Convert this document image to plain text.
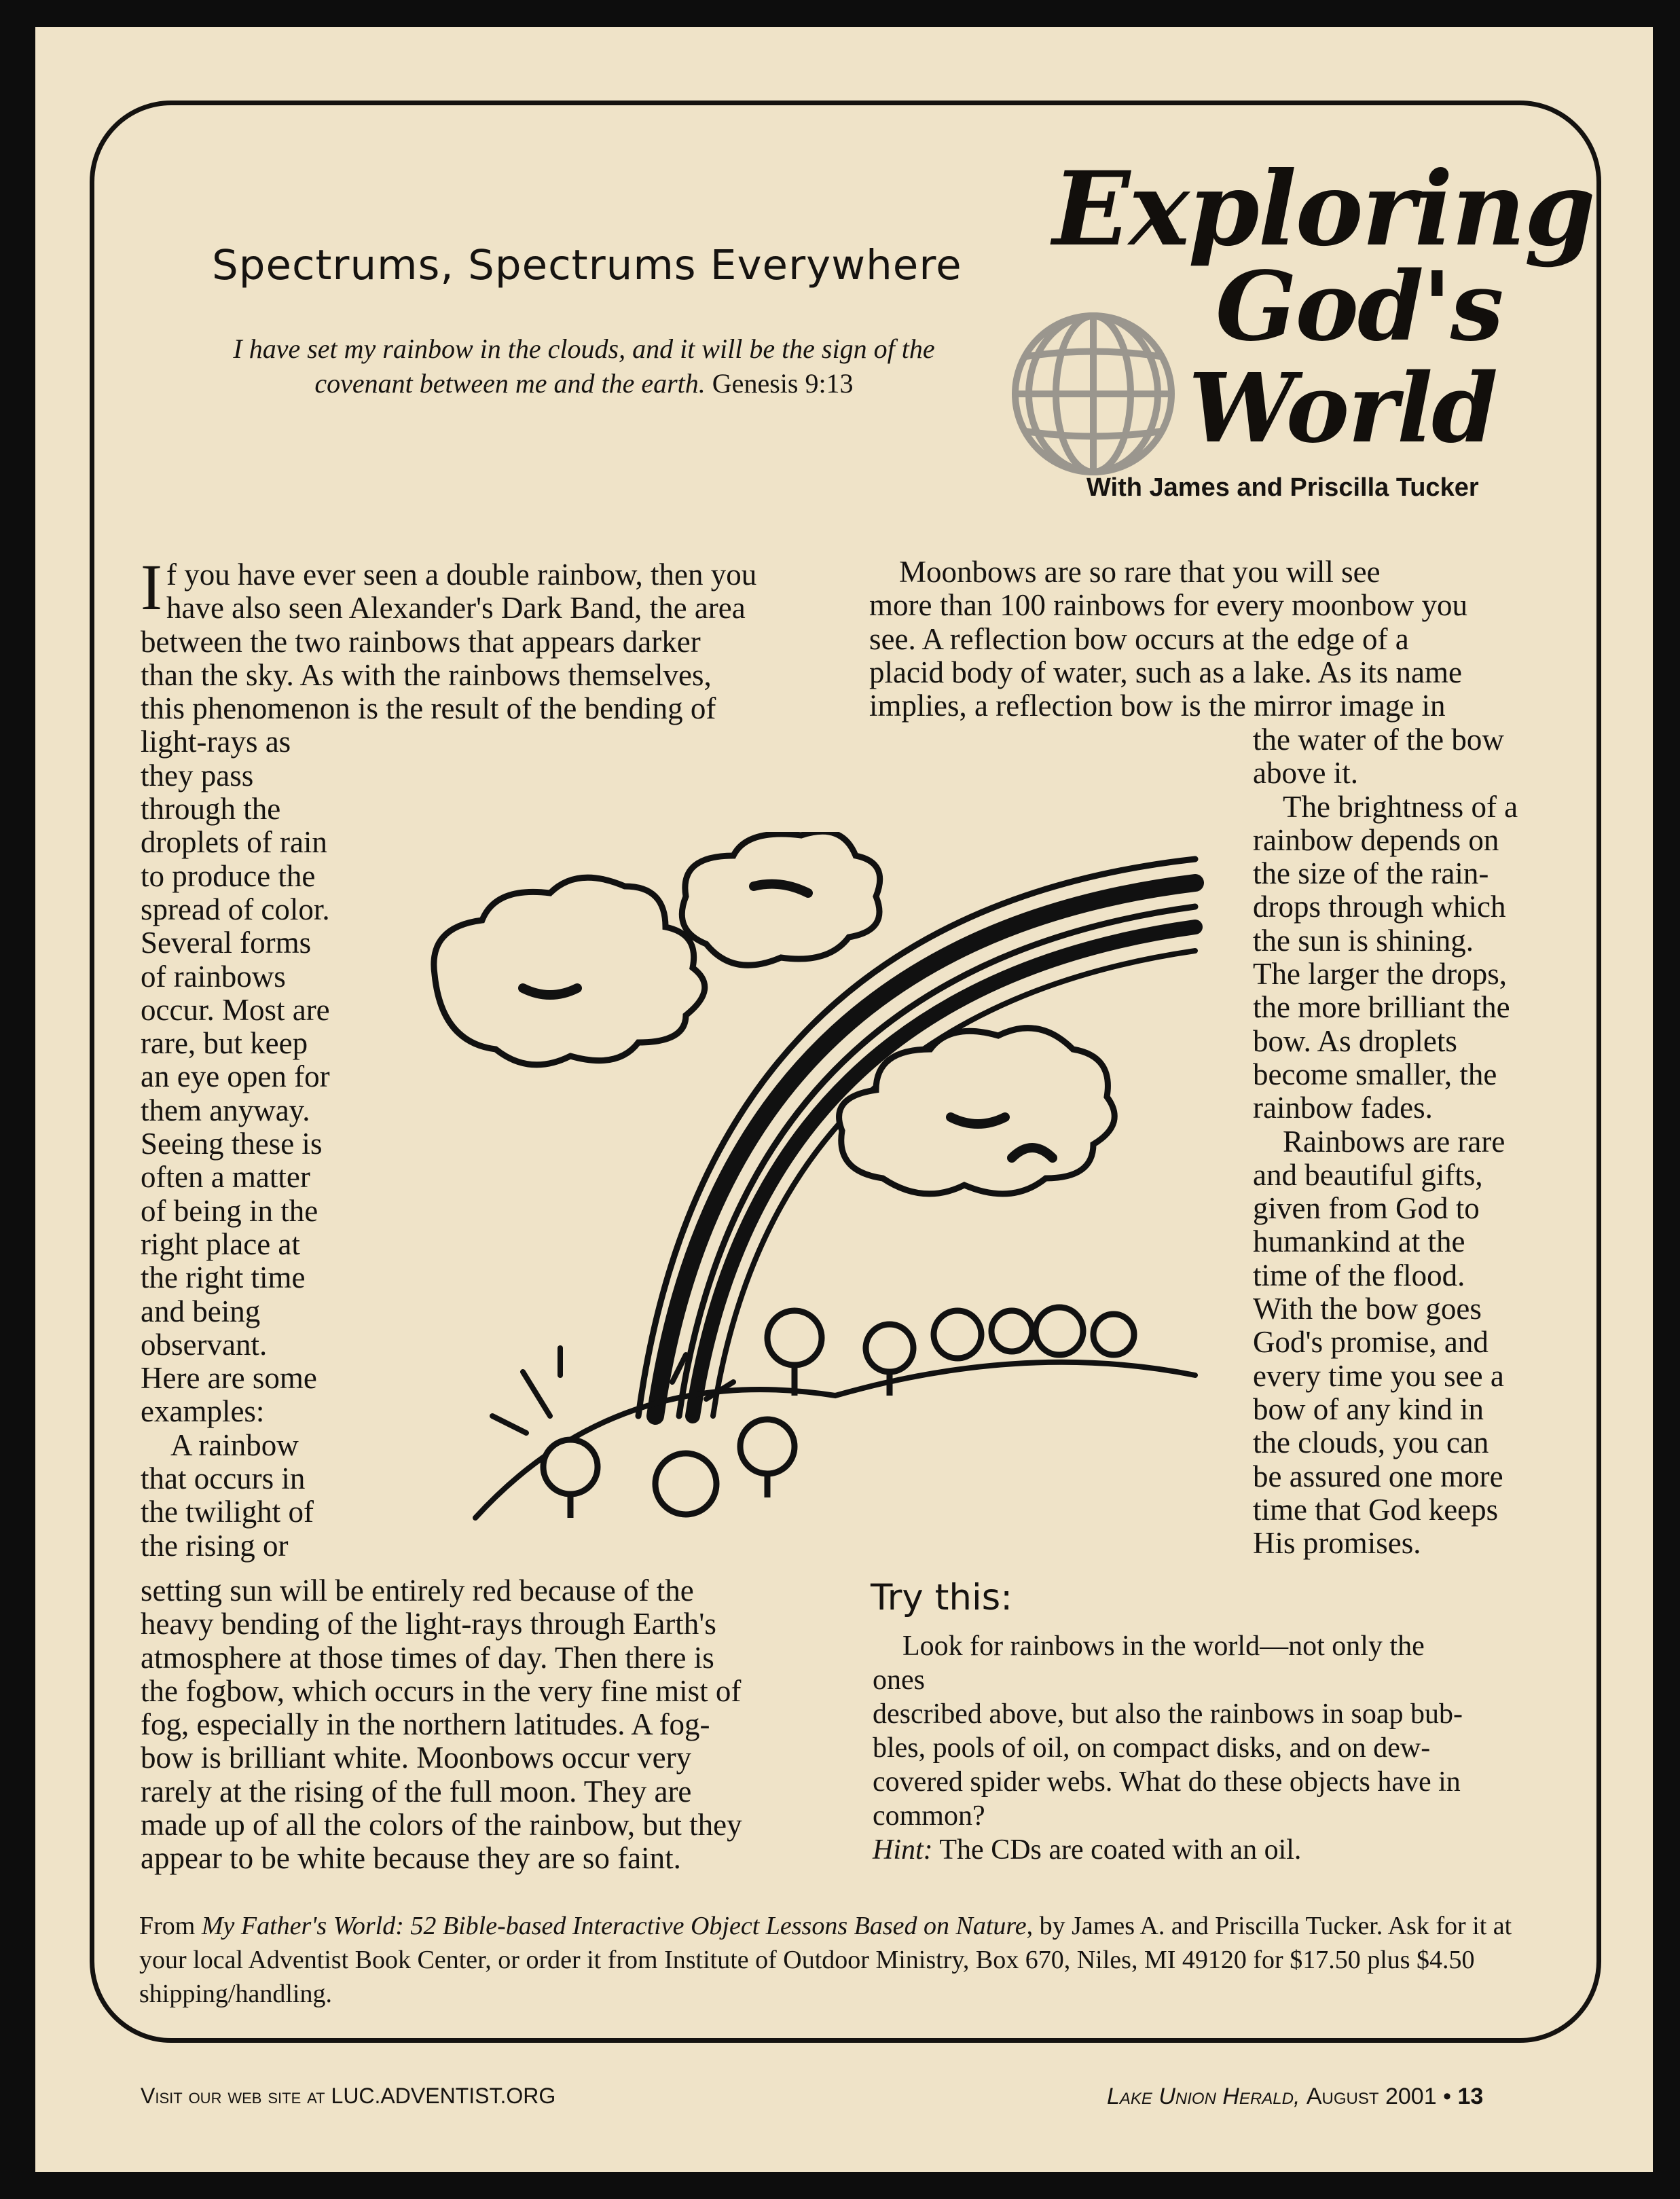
Spectrums, Spectrums Everywhere
I have set my rainbow in the clouds, and it will be the sign of the covenant between me and the earth. Genesis 9:13
Exploring
God's
World
With James and Priscilla Tucker
I f you have ever seen a double rainbow, then you

have also seen Alexander's Dark Band, the area

between the two rainbows that appears darker

than the sky. As with the rainbows themselves,

this phenomenon is the result of the bending of

light-rays as

they pass

through the

droplets of rain

to produce the

spread of color.

Several forms

of rainbows

occur. Most are

rare, but keep

an eye open for

them anyway.

Seeing these is

often a matter

of being in the

right place at

the right time

and being

observant.

Here are some

examples:

A rainbow

that occurs in

the twilight of

the rising or

setting sun will be entirely red because of the

heavy bending of the light-rays through Earth's

atmosphere at those times of day. Then there is

the fogbow, which occurs in the very fine mist of

fog, especially in the northern latitudes. A fog-

bow is brilliant white. Moonbows occur very

rarely at the rising of the full moon. They are

made up of all the colors of the rainbow, but they

appear to be white because they are so faint.

Moonbows are so rare that you will see

more than 100 rainbows for every moonbow you

see. A reflection bow occurs at the edge of a

placid body of water, such as a lake. As its name

implies, a reflection bow is the mirror image in

the water of the bow

above it.

The brightness of a

rainbow depends on

the size of the rain-

drops through which

the sun is shining.

The larger the drops,

the more brilliant the

bow. As droplets

become smaller, the

rainbow fades.

Rainbows are rare

and beautiful gifts,

given from God to

humankind at the

time of the flood.

With the bow goes

God's promise, and

every time you see a

bow of any kind in

the clouds, you can

be assured one more

time that God keeps

His promises.

Try this:

Look for rainbows in the world—not only the ones

described above, but also the rainbows in soap bub-

bles, pools of oil, on compact disks, and on dew-

covered spider webs. What do these objects have in

common?

Hint: The CDs are coated with an oil.

From My Father's World: 52 Bible-based Interactive Object Lessons Based on Nature, by James A. and Priscilla Tucker. Ask for it at your local Adventist Book Center, or order it from Institute of Outdoor Ministry, Box 670, Niles, MI 49120 for $17.50 plus $4.50 shipping/handling.
Visit our web site at LUC.ADVENTIST.ORG	Lake Union Herald, August 2001 • 13
